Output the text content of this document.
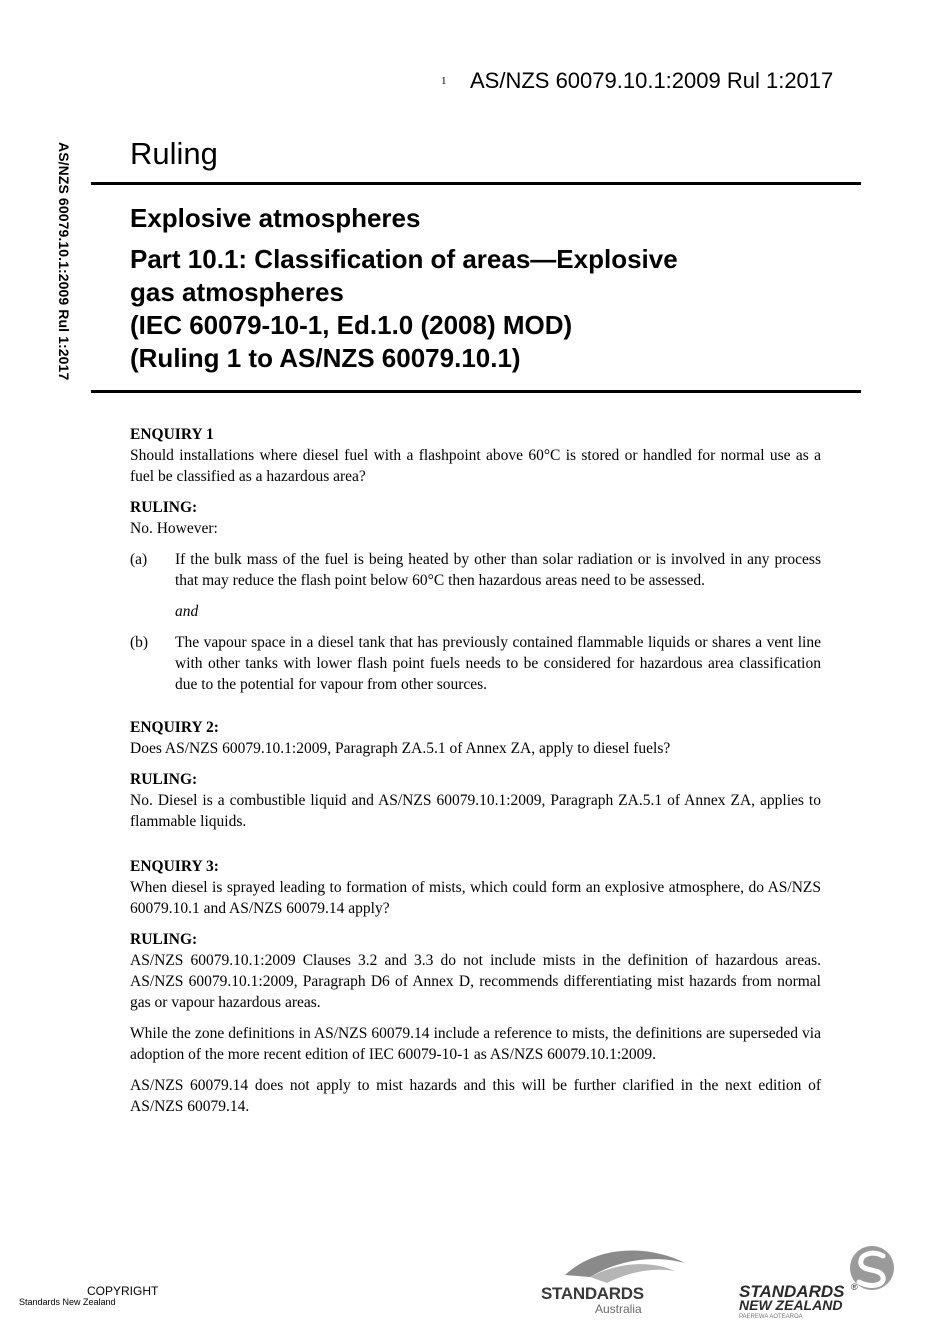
1 AS/NZS 60079.10.1:2009 Rul 1:2017
AS/NZS 60079.10.1:2009 Rul 1:2017 Ruling
Explosive atmospheres
Part 10.1: Classification of areas—Explosive
gas atmospheres
(IEC 60079-10-1, Ed.1.0 (2008) MOD)
(Ruling 1 to AS/NZS 60079.10.1)

ENQUIRY 1

Should installations where diesel fuel with a flashpoint above 60°C is stored or handled for normal use as a fuel be classified as a hazardous area?

RULING:

No. However:

(a) If the bulk mass of the fuel is being heated by other than solar radiation or is involved in any process that may reduce the flash point below 60°C then hazardous areas need to be assessed.
and
(b) The vapour space in a diesel tank that has previously contained flammable liquids or shares a vent line with other tanks with lower flash point fuels needs to be considered for hazardous area classification due to the potential for vapour from other sources.

ENQUIRY 2:

Does AS/NZS 60079.10.1:2009, Paragraph ZA.5.1 of Annex ZA, apply to diesel fuels?

RULING:

No. Diesel is a combustible liquid and AS/NZS 60079.10.1:2009, Paragraph ZA.5.1 of Annex ZA, applies to flammable liquids.

ENQUIRY 3:

When diesel is sprayed leading to formation of mists, which could form an explosive atmosphere, do AS/NZS 60079.10.1 and AS/NZS 60079.14 apply?

RULING:

AS/NZS 60079.10.1:2009 Clauses 3.2 and 3.3 do not include mists in the definition of hazardous areas. AS/NZS 60079.10.1:2009, Paragraph D6 of Annex D, recommends differentiating mist hazards from normal gas or vapour hazardous areas.

While the zone definitions in AS/NZS 60079.14 include a reference to mists, the definitions are superseded via adoption of the more recent edition of IEC 60079-10-1 as AS/NZS 60079.10.1:2009.

AS/NZS 60079.14 does not apply to mist hazards and this will be further clarified in the next edition of AS/NZS 60079.14.

COPYRIGHT
Standards New Zealand	STANDARDS
Australia
STANDARDS ®
NEW ZEALAND
PAEREWA AOTEAROA
